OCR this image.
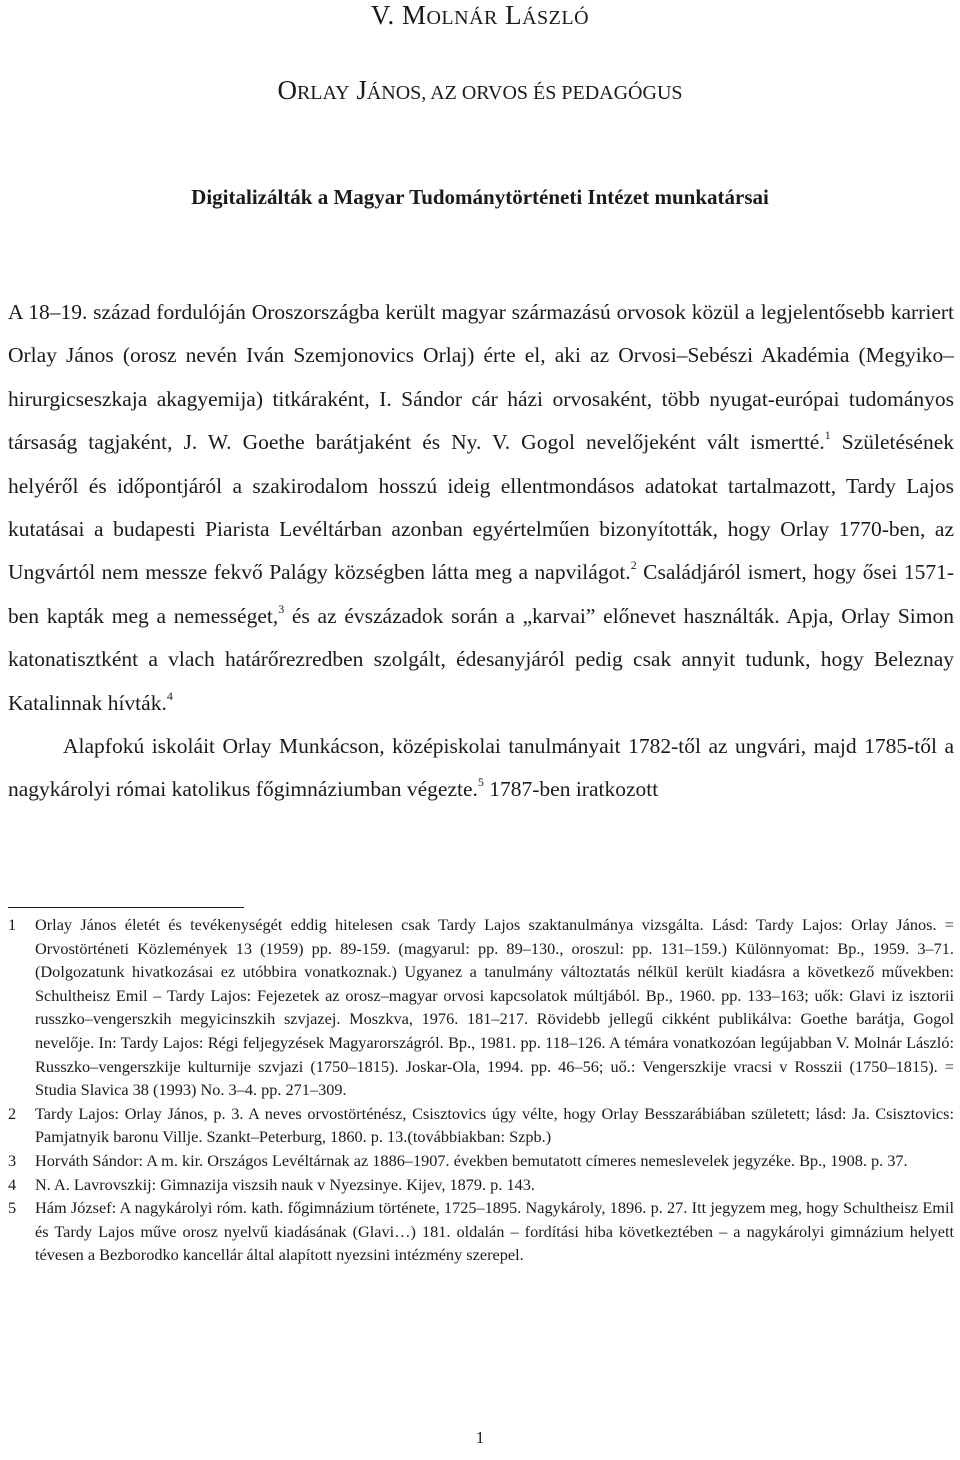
V. MOLNÁR LÁSZLÓ
ORLAY JÁNOS, AZ ORVOS ÉS PEDAGÓGUS
Digitalizálták a Magyar Tudománytörténeti Intézet munkatársai

A 18–19. század fordulóján Oroszországba került magyar származású orvosok közül a legjelentősebb karriert Orlay János (orosz nevén Iván Szemjonovics Orlaj) érte el, aki az Orvosi–Sebészi Akadémia (Megyiko–hirurgicseszkaja akagyemija) titkáraként, I. Sándor cár házi orvosaként, több nyugat-európai tudományos társaság tagjaként, J. W. Goethe barátjaként és Ny. V. Gogol nevelőjeként vált ismertté.$^1$ Születésének helyéről és időpontjáról a szakirodalom hosszú ideig ellentmondásos adatokat tartalmazott, Tardy Lajos kutatásai a budapesti Piarista Levéltárban azonban egyértelműen bizonyították, hogy Orlay 1770-ben, az Ungvártól nem messze fekvő Palágy községben látta meg a napvilágot.$^2$ Családjáról ismert, hogy ősei 1571-ben kapták meg a nemességet,$^3$ és az évszázadok során a „karvai” előnevet használták. Apja, Orlay Simon katonatisztként a vlach határőrezredben szolgált, édesanyjáról pedig csak annyit tudunk, hogy Beleznay Katalinnak hívták.$^4$

Alapfokú iskoláit Orlay Munkácson, középiskolai tanulmányait 1782-től az ungvári, majd 1785-től a nagykárolyi római katolikus főgimnáziumban végezte.$^5$ 1787-ben iratkozott

1 Orlay János életét és tevékenységét eddig hitelesen csak Tardy Lajos szaktanulmánya vizsgálta. Lásd: Tardy Lajos: Orlay János. = Orvostörténeti Közlemények 13 (1959) pp. 89-159. (magyarul: pp. 89–130., oroszul: pp. 131–159.) Különnyomat: Bp., 1959. 3–71. (Dolgozatunk hivatkozásai ez utóbbira vonatkoznak.) Ugyanez a tanulmány változtatás nélkül került kiadásra a következő művekben: Schultheisz Emil – Tardy Lajos: Fejezetek az orosz–magyar orvosi kapcsolatok múltjából. Bp., 1960. pp. 133–163; uők: Glavi iz isztorii russzko–vengerszkih megyicinszkih szvjazej. Moszkva, 1976. 181–217. Rövidebb jellegű cikként publikálva: Goethe barátja, Gogol nevelője. In: Tardy Lajos: Régi feljegyzések Magyarországról. Bp., 1981. pp. 118–126. A témára vonatkozóan legújabban V. Molnár László: Russzko–vengerszkije kulturnije szvjazi (1750–1815). Joskar-Ola, 1994. pp. 46–56; uő.: Vengerszkije vracsi v Rosszii (1750–1815). = Studia Slavica 38 (1993) No. 3–4. pp. 271–309.

2 Tardy Lajos: Orlay János, p. 3. A neves orvostörténész, Csisztovics úgy vélte, hogy Orlay Besszarábiában született; lásd: Ja. Csisztovics: Pamjatnyik baronu Villje. Szankt–Peterburg, 1860. p. 13.(továbbiakban: Szpb.)

3 Horváth Sándor: A m. kir. Országos Levéltárnak az 1886–1907. években bemutatott címeres nemeslevelek jegyzéke. Bp., 1908. p. 37.

4 N. A. Lavrovszkij: Gimnazija viszsih nauk v Nyezsinye. Kijev, 1879. p. 143.

5 Hám József: A nagykárolyi róm. kath. főgimnázium története, 1725–1895. Nagykároly, 1896. p. 27. Itt jegyzem meg, hogy Schultheisz Emil és Tardy Lajos műve orosz nyelvű kiadásának (Glavi…) 181. oldalán – fordítási hiba következtében – a nagykárolyi gimnázium helyett tévesen a Bezborodko kancellár által alapított nyezsini intézmény szerepel.

1
